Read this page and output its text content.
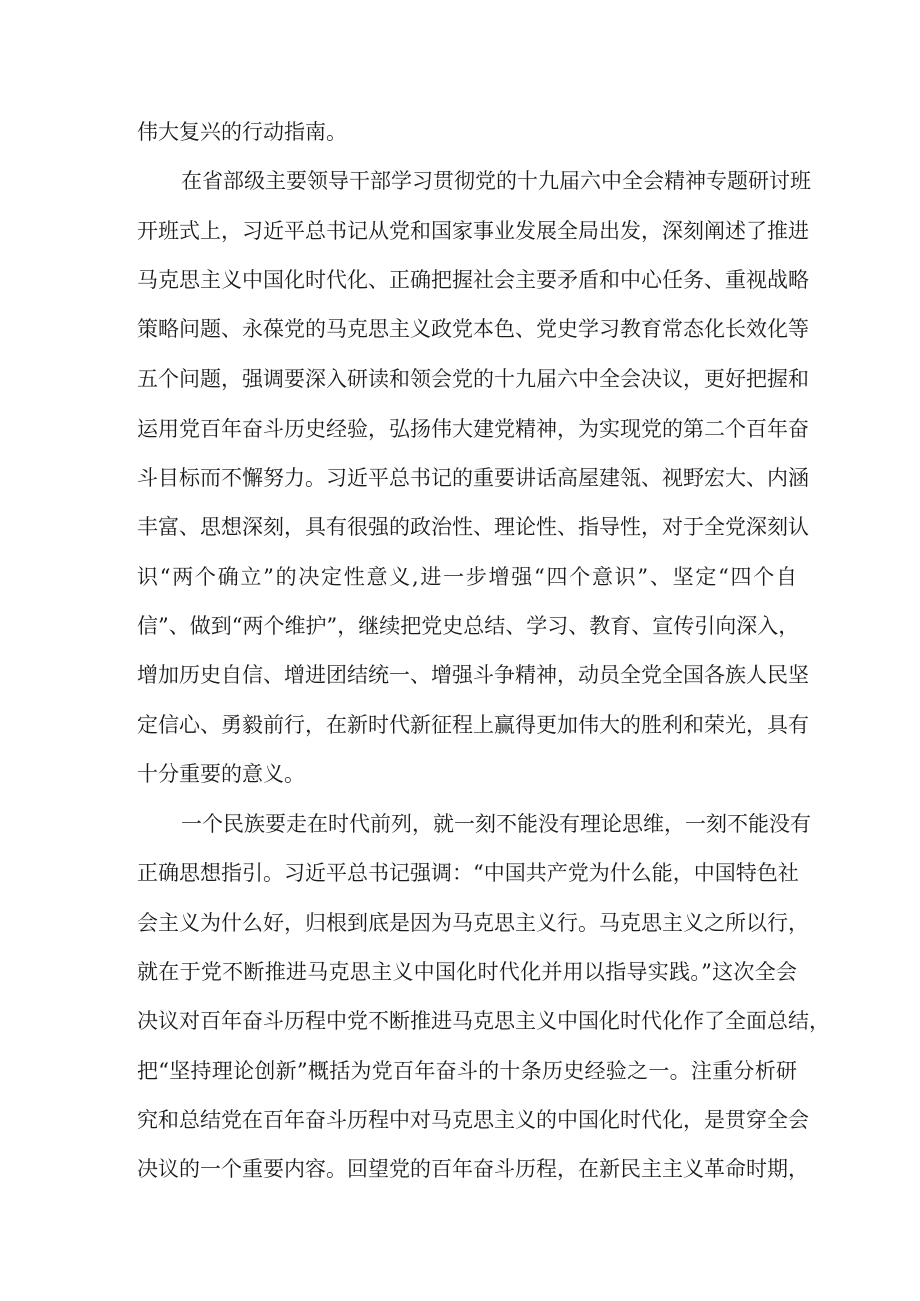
伟大复兴的行动指南。
在省部级主要领导干部学习贯彻党的十九届六中全会精神专题研讨班
开班式上，习近平总书记从党和国家事业发展全局出发，深刻阐述了推进
马克思主义中国化时代化、正确把握社会主要矛盾和中心任务、重视战略
策略问题、永葆党的马克思主义政党本色、党史学习教育常态化长效化等
五个问题，强调要深入研读和领会党的十九届六中全会决议，更好把握和
运用党百年奋斗历史经验，弘扬伟大建党精神，为实现党的第二个百年奋
斗目标而不懈努力。习近平总书记的重要讲话高屋建瓴、视野宏大、内涵
丰富、思想深刻，具有很强的政治性、理论性、指导性，对于全党深刻认
识“两个确立”的决定性意义,进一步增强“四个意识”、坚定“四个自
信”、做到“两个维护”，继续把党史总结、学习、教育、宣传引向深入，
增加历史自信、增进团结统一、增强斗争精神，动员全党全国各族人民坚
定信心、勇毅前行，在新时代新征程上赢得更加伟大的胜利和荣光，具有
十分重要的意义。
一个民族要走在时代前列，就一刻不能没有理论思维，一刻不能没有
正确思想指引。习近平总书记强调：“中国共产党为什么能，中国特色社
会主义为什么好，归根到底是因为马克思主义行。马克思主义之所以行，
就在于党不断推进马克思主义中国化时代化并用以指导实践。”这次全会
决议对百年奋斗历程中党不断推进马克思主义中国化时代化作了全面总结，
把“坚持理论创新”概括为党百年奋斗的十条历史经验之一。注重分析研
究和总结党在百年奋斗历程中对马克思主义的中国化时代化，是贯穿全会
决议的一个重要内容。回望党的百年奋斗历程，在新民主主义革命时期，
